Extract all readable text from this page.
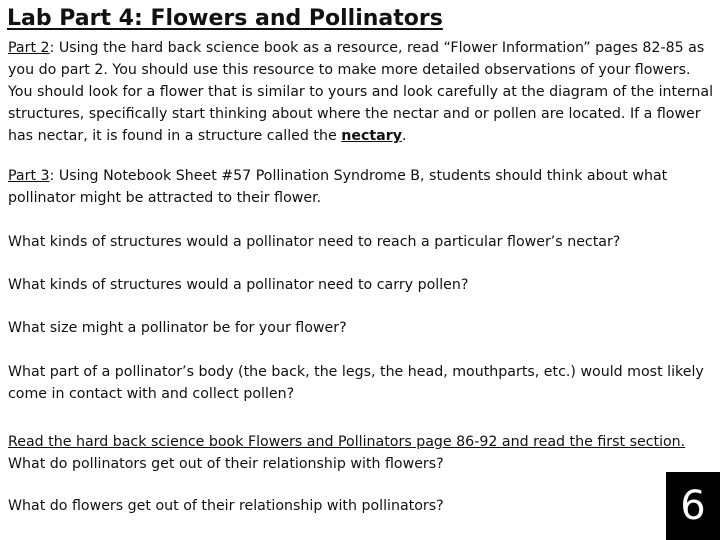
Lab Part 4: Flowers and Pollinators
Part 2: Using the hard back science book as a resource, read “Flower Information” pages 82-85 as you do part 2. You should use this resource to make more detailed observations of your flowers. You should look for a flower that is similar to yours and look carefully at the diagram of the internal structures, specifically start thinking about where the nectar and or pollen are located. If a flower has nectar, it is found in a structure called the nectary.
Part 3: Using Notebook Sheet #57 Pollination Syndrome B, students should think about what pollinator might be attracted to their flower.
What kinds of structures would a pollinator need to reach a particular flower’s nectar?
What kinds of structures would a pollinator need to carry pollen?
What size might a pollinator be for your flower?
What part of a pollinator’s body (the back, the legs, the head, mouthparts, etc.) would most likely come in contact with and collect pollen?
Read the hard back science book Flowers and Pollinators page 86-92 and read the first section.
What do pollinators get out of their relationship with flowers?
What do flowers get out of their relationship with pollinators?	6
